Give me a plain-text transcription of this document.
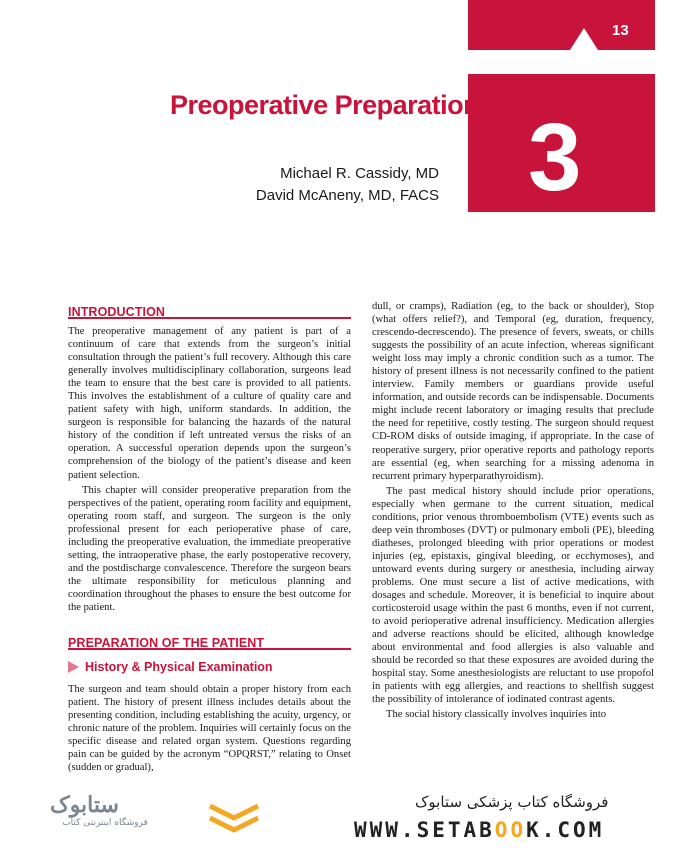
13
3
Preoperative Preparation
Michael R. Cassidy, MD
David McAneny, MD, FACS
INTRODUCTION

The preoperative management of any patient is part of a continuum of care that extends from the surgeon’s initial consultation through the patient’s full recovery. Although this care generally involves multidisciplinary collaboration, surgeons lead the team to ensure that the best care is provided to all patients. This involves the establishment of a culture of quality care and patient safety with high, uniform standards. In addition, the surgeon is responsible for balancing the hazards of the natural history of the condition if left untreated versus the risks of an operation. A successful operation depends upon the surgeon’s comprehension of the biology of the patient’s disease and keen patient selection.

This chapter will consider preoperative preparation from the perspectives of the patient, operating room facility and equipment, operating room staff, and surgeon. The surgeon is the only professional present for each perioperative phase of care, including the preoperative evaluation, the immediate preoperative setting, the intraoperative phase, the early postoperative recovery, and the postdischarge convalescence. Therefore the surgeon bears the ultimate responsibility for meticulous planning and coordination throughout the phases to ensure the best outcome for the patient.

PREPARATION OF THE PATIENT
History & Physical Examination

The surgeon and team should obtain a proper history from each patient. The history of present illness includes details about the presenting condition, including establishing the acuity, urgency, or chronic nature of the problem. Inquiries will certainly focus on the specific disease and related organ system. Questions regarding pain can be guided by the acronym “OPQRST,” relating to Onset (sudden or gradual),

dull, or cramps), Radiation (eg, to the back or shoulder), Stop (what offers relief?), and Temporal (eg, duration, frequency, crescendo-decrescendo). The presence of fevers, sweats, or chills suggests the possibility of an acute infection, whereas significant weight loss may imply a chronic condition such as a tumor. The history of present illness is not necessarily confined to the patient interview. Family members or guardians provide useful information, and outside records can be indispensable. Documents might include recent laboratory or imaging results that preclude the need for repetitive, costly testing. The surgeon should request CD-ROM disks of outside imaging, if appropriate. In the case of reoperative surgery, prior operative reports and pathology reports are essential (eg, when searching for a missing adenoma in recurrent primary hyperparathyroidism).

The past medical history should include prior operations, especially when germane to the current situation, medical conditions, prior venous thromboembolism (VTE) events such as deep vein thromboses (DVT) or pulmonary emboli (PE), bleeding diatheses, prolonged bleeding with prior operations or modest injuries (eg, epistaxis, gingival bleeding, or ecchymoses), and untoward events during surgery or anesthesia, including airway problems. One must secure a list of active medications, with dosages and schedule. Moreover, it is beneficial to inquire about corticosteroid usage within the past 6 months, even if not current, to avoid perioperative adrenal insufficiency. Medication allergies and adverse reactions should be elicited, although knowledge about environmental and food allergies is also valuable and should be recorded so that these exposures are avoided during the hospital stay. Some anesthesiologists are reluctant to use propofol in patients with egg allergies, and reactions to shellfish suggest the possibility of intolerance of iodinated contrast agents.

The social history classically involves inquiries into

ستابوک
فروشگاه اینترنتی کتاب
فروشگاه کتاب پزشکی ستابوک
WWW.SETABOOK.COM
